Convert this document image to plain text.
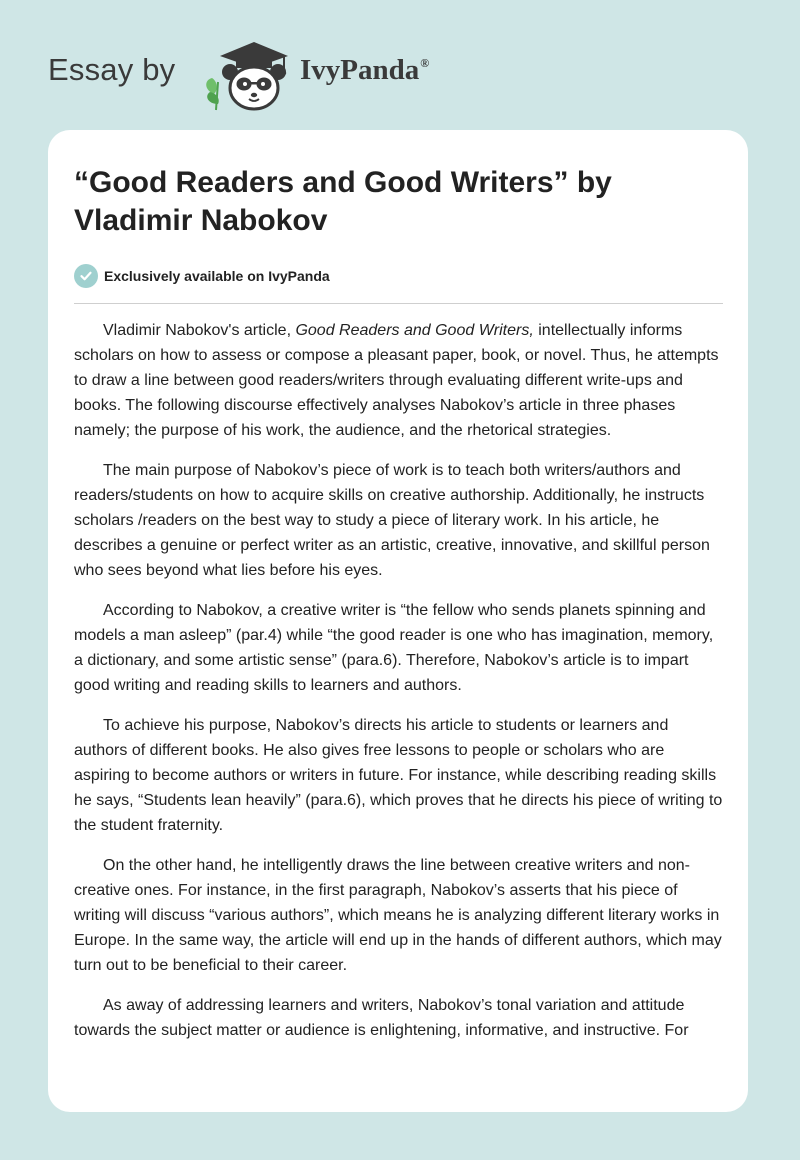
Essay by	IvyPanda®
“Good Readers and Good Writers” by Vladimir Nabokov
Exclusively available on IvyPanda

Vladimir Nabokov's article, Good Readers and Good Writers, intellectually informs scholars on how to assess or compose a pleasant paper, book, or novel. Thus, he attempts to draw a line between good readers/writers through evaluating different write-ups and books. The following discourse effectively analyses Nabokov’s article in three phases namely; the purpose of his work, the audience, and the rhetorical strategies.

The main purpose of Nabokov’s piece of work is to teach both writers/authors and readers/students on how to acquire skills on creative authorship. Additionally, he instructs scholars /readers on the best way to study a piece of literary work. In his article, he describes a genuine or perfect writer as an artistic, creative, innovative, and skillful person who sees beyond what lies before his eyes.

According to Nabokov, a creative writer is “the fellow who sends planets spinning and models a man asleep” (par.4) while “the good reader is one who has imagination, memory, a dictionary, and some artistic sense” (para.6). Therefore, Nabokov’s article is to impart good writing and reading skills to learners and authors.

To achieve his purpose, Nabokov’s directs his article to students or learners and authors of different books. He also gives free lessons to people or scholars who are aspiring to become authors or writers in future. For instance, while describing reading skills he says, “Students lean heavily” (para.6), which proves that he directs his piece of writing to the student fraternity.

On the other hand, he intelligently draws the line between creative writers and non-creative ones. For instance, in the first paragraph, Nabokov’s asserts that his piece of writing will discuss “various authors”, which means he is analyzing different literary works in Europe. In the same way, the article will end up in the hands of different authors, which may turn out to be beneficial to their career.

As away of addressing learners and writers, Nabokov’s tonal variation and attitude towards the subject matter or audience is enlightening, informative, and instructive. For
